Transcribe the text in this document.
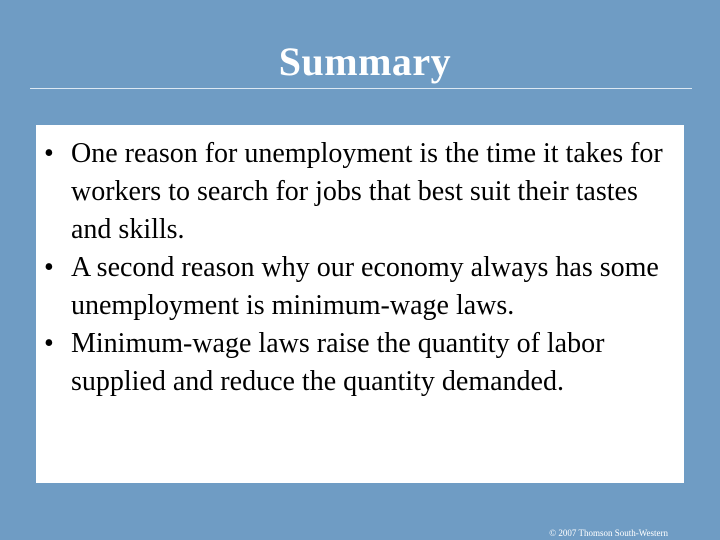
Summary
• One reason for unemployment is the time it takes for workers to search for jobs that best suit their tastes and skills.
• A second reason why our economy always has some unemployment is minimum-wage laws.
• Minimum-wage laws raise the quantity of labor supplied and reduce the quantity demanded.
© 2007 Thomson South-Western
